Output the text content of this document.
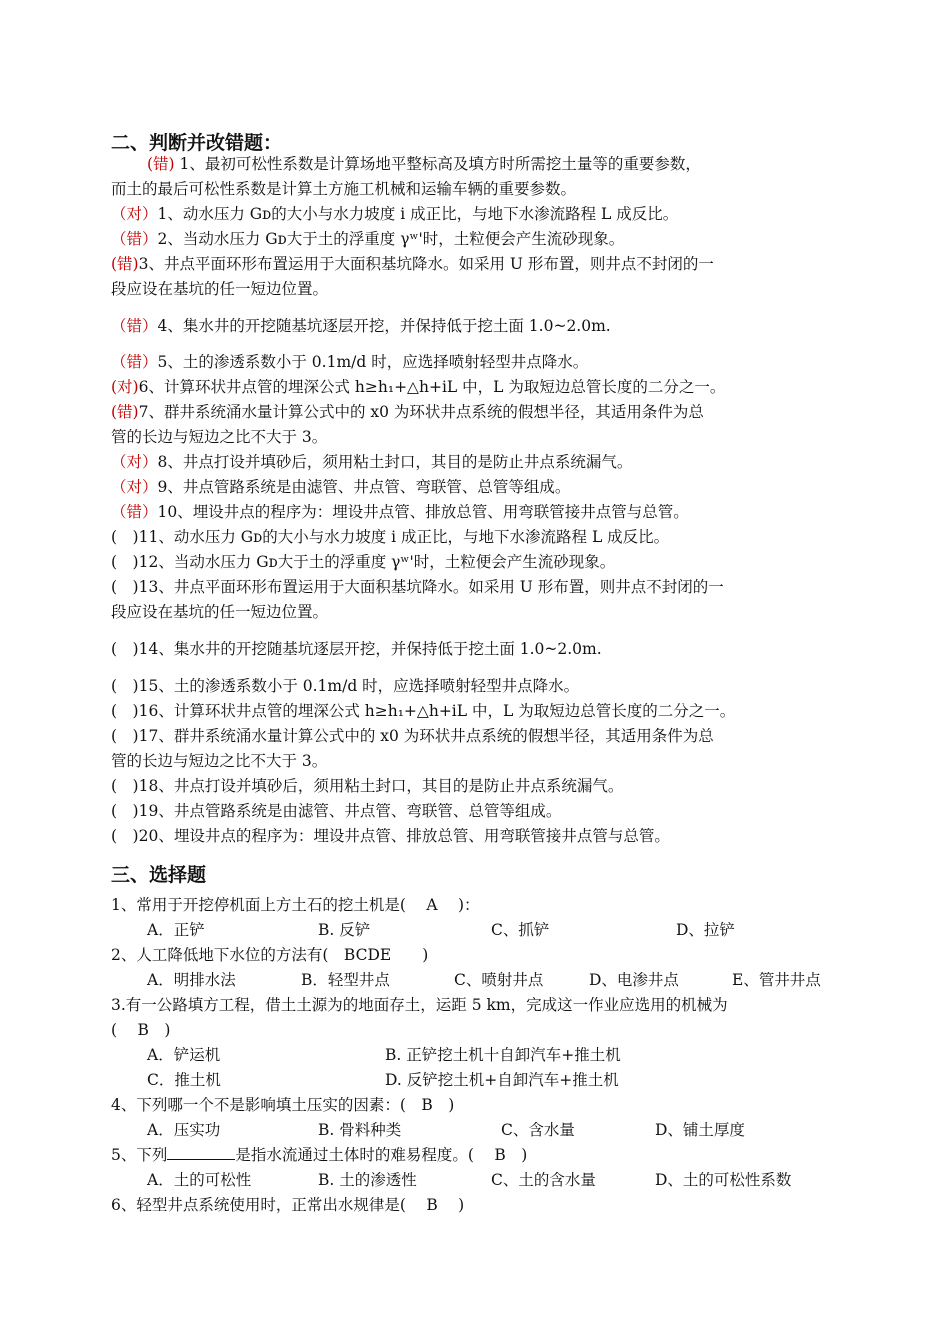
二、判断并改错题：
(错) 1、最初可松性系数是计算场地平整标高及填方时所需挖土量等的重要参数，
而土的最后可松性系数是计算土方施工机械和运输车辆的重要参数。
（对）1、动水压力 Gᴅ的大小与水力坡度 i 成正比，与地下水渗流路程 L 成反比。
（错）2、当动水压力 Gᴅ大于土的浮重度 γʷ'时，土粒便会产生流砂现象。
(错)3、井点平面环形布置运用于大面积基坑降水。如采用 U 形布置，则井点不封闭的一
段应设在基坑的任一短边位置。
（错）4、集水井的开挖随基坑逐层开挖，并保持低于挖土面 1.0~2.0m.
（错）5、土的渗透系数小于 0.1m/d 时，应选择喷射轻型井点降水。
(对)6、计算环状井点管的埋深公式 h≥h₁+△h+iL 中，L 为取短边总管长度的二分之一。
(错)7、群井系统涌水量计算公式中的 x0 为环状井点系统的假想半径，其适用条件为总
管的长边与短边之比不大于 3。
（对）8、井点打设并填砂后，须用粘土封口，其目的是防止井点系统漏气。
（对）9、井点管路系统是由滤管、井点管、弯联管、总管等组成。
（错）10、埋设井点的程序为：埋设井点管、排放总管、用弯联管接井点管与总管。
(　)11、动水压力 Gᴅ的大小与水力坡度 i 成正比，与地下水渗流路程 L 成反比。
(　)12、当动水压力 Gᴅ大于土的浮重度 γʷ'时，土粒便会产生流砂现象。
(　)13、井点平面环形布置运用于大面积基坑降水。如采用 U 形布置，则井点不封闭的一
段应设在基坑的任一短边位置。
(　)14、集水井的开挖随基坑逐层开挖，并保持低于挖土面 1.0~2.0m.
(　)15、土的渗透系数小于 0.1m/d 时，应选择喷射轻型井点降水。
(　)16、计算环状井点管的埋深公式 h≥h₁+△h+iL 中，L 为取短边总管长度的二分之一。
(　)17、群井系统涌水量计算公式中的 x0 为环状井点系统的假想半径，其适用条件为总
管的长边与短边之比不大于 3。
(　)18、井点打设并填砂后，须用粘土封口，其目的是防止井点系统漏气。
(　)19、井点管路系统是由滤管、井点管、弯联管、总管等组成。
(　)20、埋设井点的程序为：埋设井点管、排放总管、用弯联管接井点管与总管。
三、选择题
1、常用于开挖停机面上方土石的挖土机是(　 A　 )：
A．正铲	B. 反铲	C、抓铲	D、拉铲
2、人工降低地下水位的方法有(　BCDE　　)
A．明排水法	B．轻型井点	C、喷射井点	D、电渗井点	E、管井井点
3.有一公路填方工程，借土土源为的地面存土，运距 5 km，完成这一作业应选用的机械为
(　 B　)
A．铲运机	B. 正铲挖土机十自卸汽车+推土机
C．推土机	D. 反铲挖土机+自卸汽车+推土机
4、下列哪一个不是影响填土压实的因素：(　B　)
A．压实功	B. 骨料种类	C、含水量	D、铺土厚度
5、下列	是指水流通过土体时的难易程度。(　 B　)
A．土的可松性	B. 土的渗透性	C、土的含水量	D、土的可松性系数
6、轻型井点系统使用时，正常出水规律是(　 B　 )
